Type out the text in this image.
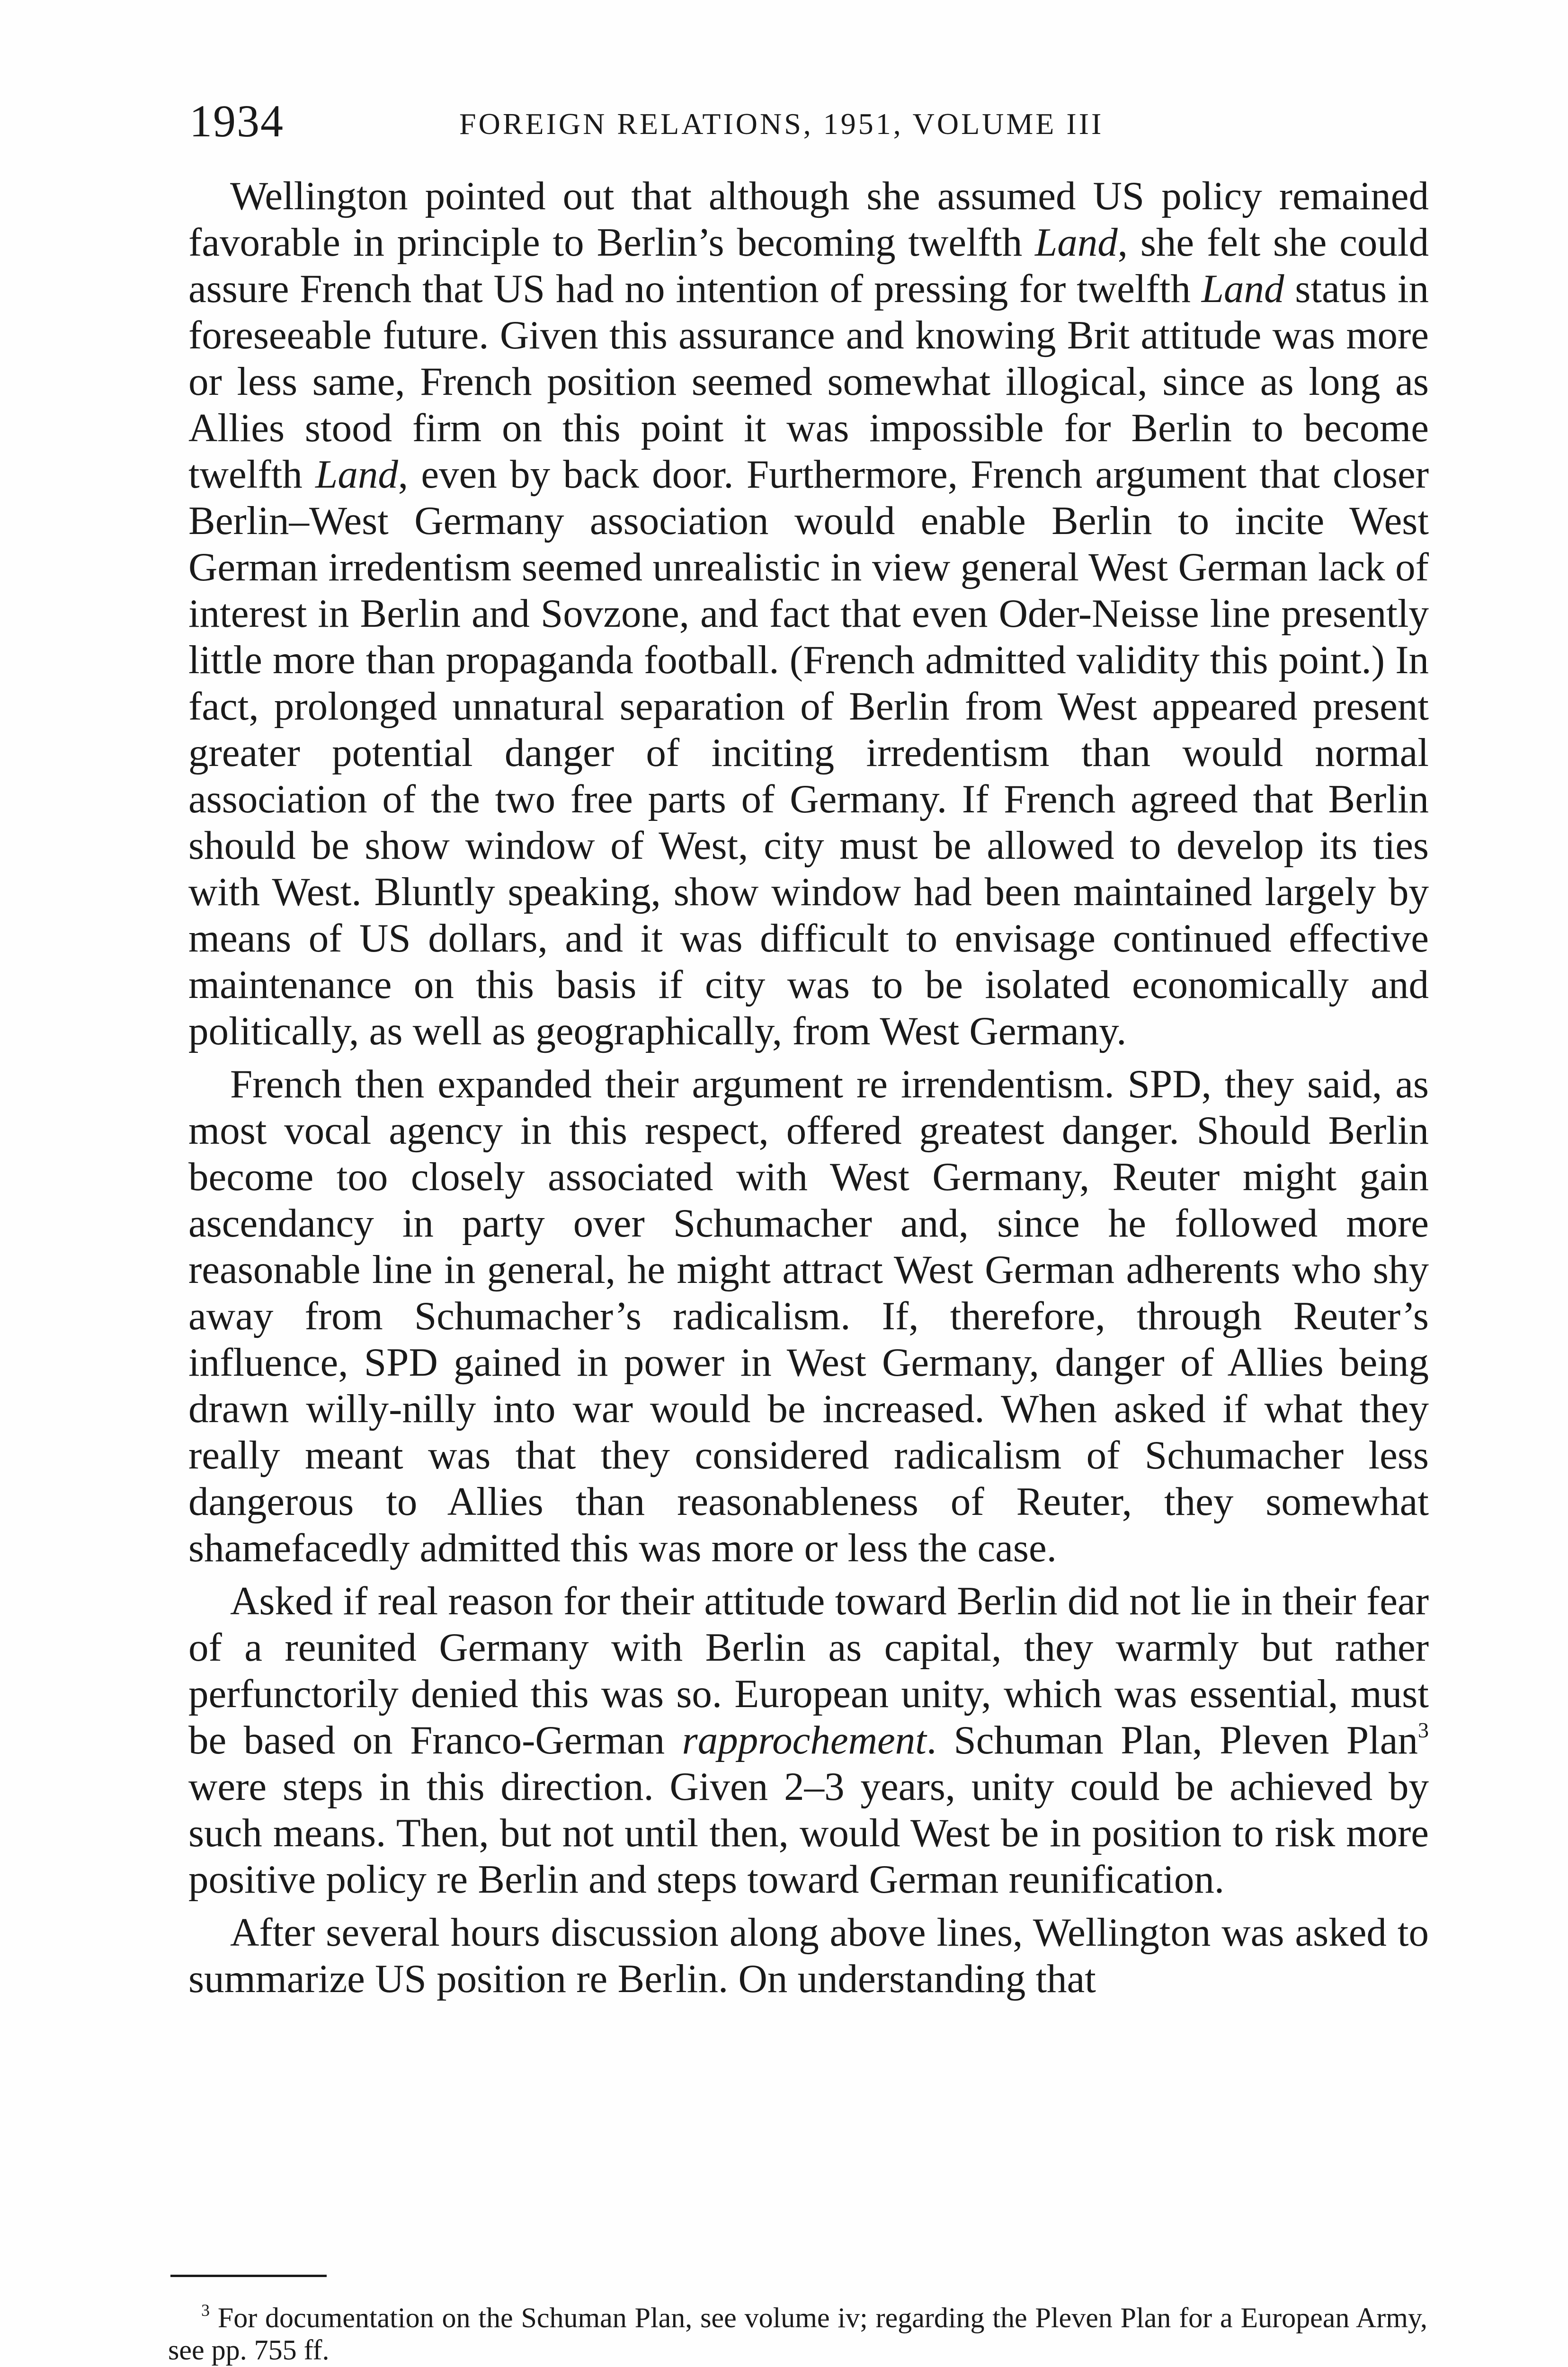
1934	FOREIGN RELATIONS, 1951, VOLUME III

Wellington pointed out that although she assumed US policy remained favorable in principle to Berlin’s becoming twelfth Land, she felt she could assure French that US had no intention of pressing for twelfth Land status in foreseeable future. Given this assurance and knowing Brit attitude was more or less same, French position seemed somewhat illogical, since as long as Allies stood firm on this point it was impossible for Berlin to become twelfth Land, even by back door. Furthermore, French argument that closer Berlin–West Germany association would enable Berlin to incite West German irredentism seemed unrealistic in view general West German lack of interest in Berlin and Sovzone, and fact that even Oder-Neisse line presently little more than propaganda football. (French admitted validity this point.) In fact, prolonged unnatural separation of Berlin from West appeared present greater potential danger of inciting irredentism than would normal association of the two free parts of Germany. If French agreed that Berlin should be show window of West, city must be allowed to develop its ties with West. Bluntly speaking, show window had been maintained largely by means of US dollars, and it was difficult to envisage continued effective maintenance on this basis if city was to be isolated economically and politically, as well as geographically, from West Germany.

French then expanded their argument re irrendentism. SPD, they said, as most vocal agency in this respect, offered greatest danger. Should Berlin become too closely associated with West Germany, Reuter might gain ascendancy in party over Schumacher and, since he followed more reasonable line in general, he might attract West German adherents who shy away from Schumacher’s radicalism. If, therefore, through Reuter’s influence, SPD gained in power in West Germany, danger of Allies being drawn willy-nilly into war would be increased. When asked if what they really meant was that they considered radicalism of Schumacher less dangerous to Allies than reasonableness of Reuter, they somewhat shamefacedly admitted this was more or less the case.

Asked if real reason for their attitude toward Berlin did not lie in their fear of a reunited Germany with Berlin as capital, they warmly but rather perfunctorily denied this was so. European unity, which was essential, must be based on Franco-German rapprochement. Schuman Plan, Pleven Plan$^3$ were steps in this direction. Given 2–3 years, unity could be achieved by such means. Then, but not until then, would West be in position to risk more positive policy re Berlin and steps toward German reunification.

After several hours discussion along above lines, Wellington was asked to summarize US position re Berlin. On understanding that

$^3$ For documentation on the Schuman Plan, see volume iv; regarding the Pleven Plan for a European Army, see pp. 755 ff.
